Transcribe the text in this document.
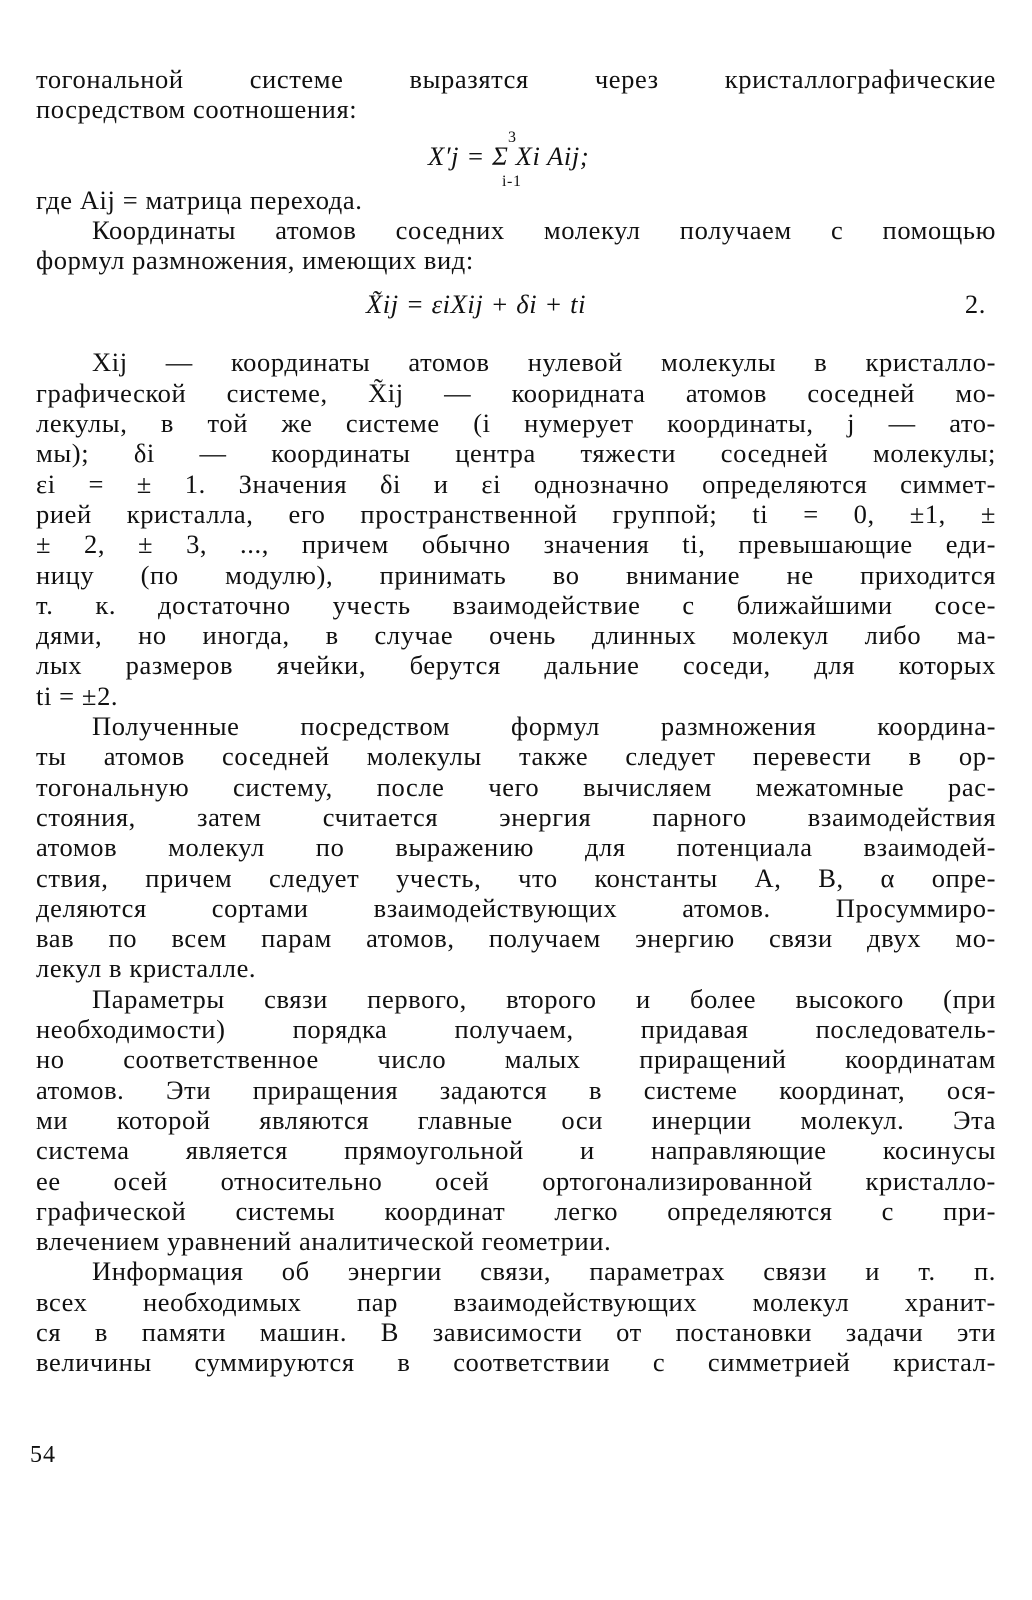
тогональной системе выразятся через кристаллографические
посредством соотношения:
3
X′j = Σ Xi Aij;
i-1
где Aij = матрица перехода.
Координаты атомов соседних молекул получаем с помощью
формул размножения, имеющих вид:
X̃ij = εiXij + δi + ti	2.
Xij — координаты атомов нулевой молекулы в кристалло-
графической системе, X̃ij — кооридната атомов соседней мо-
лекулы, в той же системе (i нумерует координаты, j — ато-
мы); δi — координаты центра тяжести соседней молекулы;
εi = ± 1. Значения δi и εi однозначно определяются симмет-
рией кристалла, его пространственной группой; ti = 0, ±1, ±
± 2, ± 3, ..., причем обычно значения ti, превышающие еди-
ницу (по модулю), принимать во внимание не приходится
т. к. достаточно учесть взаимодействие с ближайшими сосе-
дями, но иногда, в случае очень длинных молекул либо ма-
лых размеров ячейки, берутся дальние соседи, для которых
ti = ±2.
Полученные посредством формул размножения координа-
ты атомов соседней молекулы также следует перевести в ор-
тогональную систему, после чего вычисляем межатомные рас-
стояния, затем считается энергия парного взаимодействия
атомов молекул по выражению для потенциала взаимодей-
ствия, причем следует учесть, что константы A, B, α опре-
деляются сортами взаимодействующих атомов. Просуммиро-
вав по всем парам атомов, получаем энергию связи двух мо-
лекул в кристалле.
Параметры связи первого, второго и более высокого (при
необходимости) порядка получаем, придавая последователь-
но соответственное число малых приращений координатам
атомов. Эти приращения задаются в системе координат, ося-
ми которой являются главные оси инерции молекул. Эта
система является прямоугольной и направляющие косинусы
ее осей относительно осей ортогонализированной кристалло-
графической системы координат легко определяются с при-
влечением уравнений аналитической геометрии.
Информация об энергии связи, параметрах связи и т. п.
всех необходимых пар взаимодействующих молекул хранит-
ся в памяти машин. В зависимости от постановки задачи эти
величины суммируются в соответствии с симметрией кристал-
54
